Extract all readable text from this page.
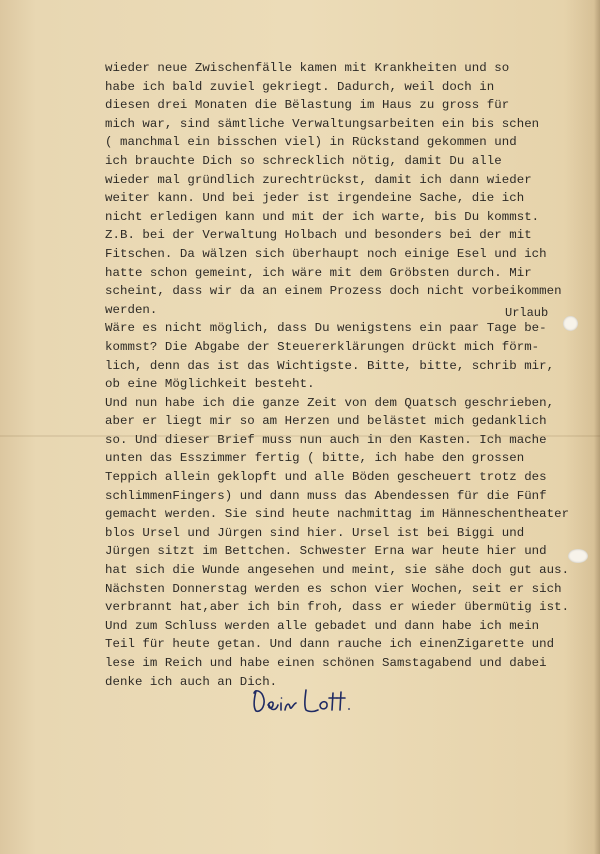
wieder neue Zwischenfälle kamen mit Krankheiten und so
habe ich bald zuviel gekriegt. Dadurch, weil doch in
diesen drei Monaten die Bëlastung im Haus zu gross für
mich war, sind sämtliche Verwaltungsarbeiten ein bis schen
( manchmal ein bisschen viel) in Rückstand gekommen und
ich brauchte Dich so schrecklich nötig, damit Du alle
wieder mal gründlich zurechtrückst, damit ich dann wieder
weiter kann. Und bei jeder ist irgendeine Sache, die ich
nicht erledigen kann und mit der ich warte, bis Du kommst.
Z.B. bei der Verwaltung Holbach und besonders bei der mit
Fitschen. Da wälzen sich überhaupt noch einige Esel und ich
hatte schon gemeint, ich wäre mit dem Gröbsten durch. Mir
scheint, dass wir da an einem Prozess doch nicht vorbeikommen
werden.
Wäre es nicht möglich, dass Du wenigstens ein paar Tage be-
kommst? Die Abgabe der Steuererklärungen drückt mich förm-
lich, denn das ist das Wichtigste. Bitte, bitte, schrib mir,
ob eine Möglichkeit besteht.
Und nun habe ich die ganze Zeit von dem Quatsch geschrieben,
aber er liegt mir so am Herzen und belästet mich gedanklich
so. Und dieser Brief muss nun auch in den Kasten. Ich mache
unten das Esszimmer fertig ( bitte, ich habe den grossen
Teppich allein geklopft und alle Böden gescheuert trotz des
schlimmenFingers) und dann muss das Abendessen für die Fünf
gemacht werden. Sie sind heute nachmittag im Hänneschentheater
blos Ursel und Jürgen sind hier. Ursel ist bei Biggi und
Jürgen sitzt im Bettchen. Schwester Erna war heute hier und
hat sich die Wunde angesehen und meint, sie sähe doch gut aus.
Nächsten Donnerstag werden es schon vier Wochen, seit er sich
verbrannt hat,aber ich bin froh, dass er wieder übermütig ist.
Und zum Schluss werden alle gebadet und dann habe ich mein
Teil für heute getan. Und dann rauche ich einenZigarette und
lese im Reich und habe einen schönen Samstagabend und dabei
denke ich auch an Dich.
Urlaub
